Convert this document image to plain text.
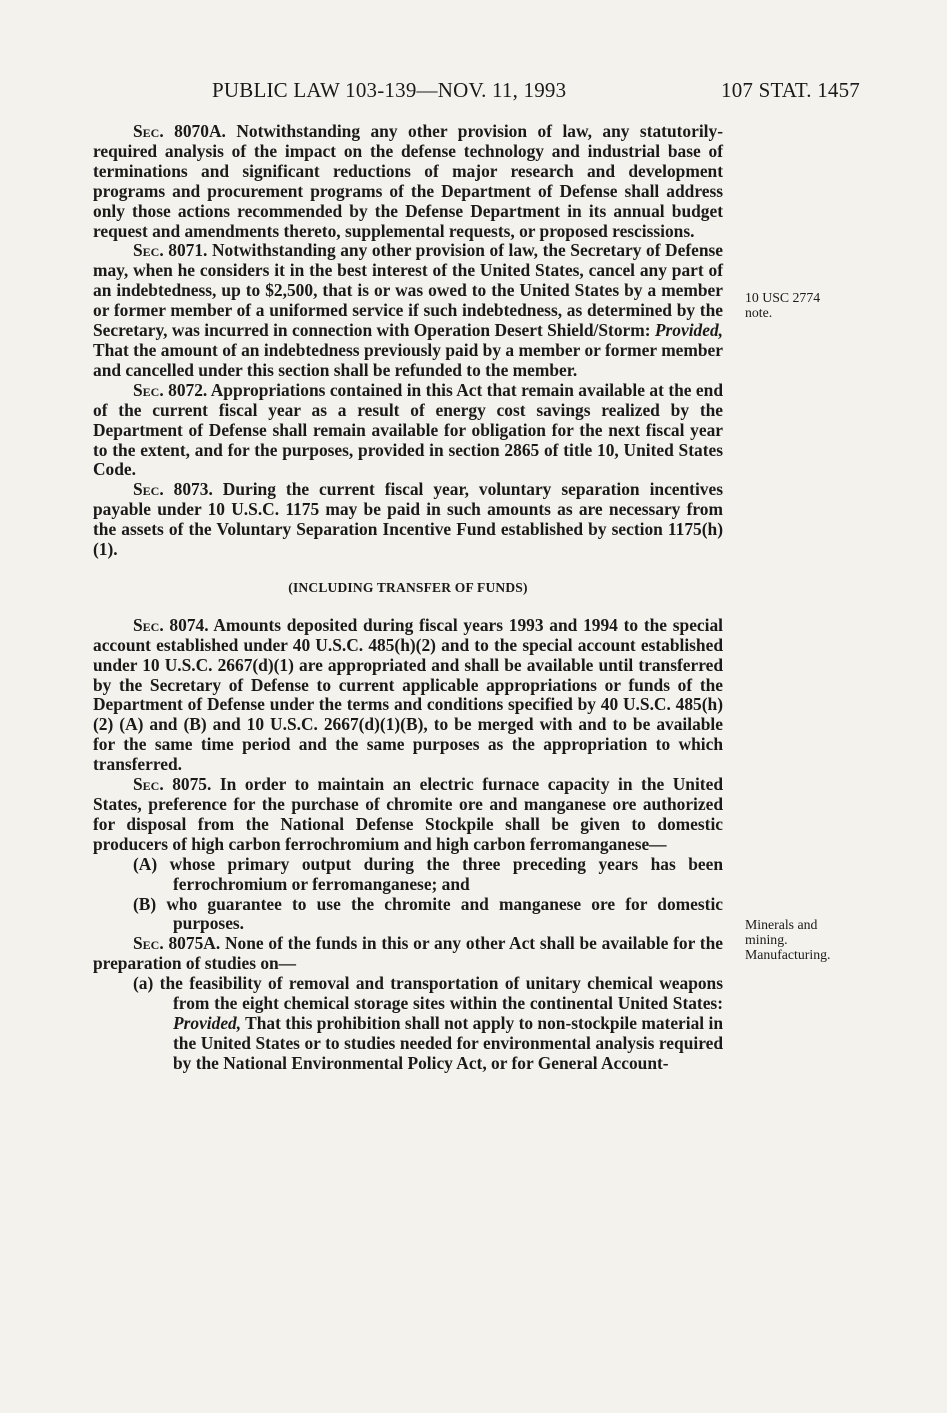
PUBLIC LAW 103-139—NOV. 11, 1993	107 STAT. 1457

Sec. 8070A. Notwithstanding any other provision of law, any statutorily-required analysis of the impact on the defense technology and industrial base of terminations and significant reductions of major research and development programs and procurement programs of the Department of Defense shall address only those actions recommended by the Defense Department in its annual budget request and amendments thereto, supplemental requests, or proposed rescissions.

Sec. 8071. Notwithstanding any other provision of law, the Secretary of Defense may, when he considers it in the best interest of the United States, cancel any part of an indebtedness, up to $2,500, that is or was owed to the United States by a member or former member of a uniformed service if such indebtedness, as determined by the Secretary, was incurred in connection with Operation Desert Shield/Storm: Provided, That the amount of an indebtedness previously paid by a member or former member and cancelled under this section shall be refunded to the member.

Sec. 8072. Appropriations contained in this Act that remain available at the end of the current fiscal year as a result of energy cost savings realized by the Department of Defense shall remain available for obligation for the next fiscal year to the extent, and for the purposes, provided in section 2865 of title 10, United States Code.

Sec. 8073. During the current fiscal year, voluntary separation incentives payable under 10 U.S.C. 1175 may be paid in such amounts as are necessary from the assets of the Voluntary Separation Incentive Fund established by section 1175(h)(1).

(INCLUDING TRANSFER OF FUNDS)

Sec. 8074. Amounts deposited during fiscal years 1993 and 1994 to the special account established under 40 U.S.C. 485(h)(2) and to the special account established under 10 U.S.C. 2667(d)(1) are appropriated and shall be available until transferred by the Secretary of Defense to current applicable appropriations or funds of the Department of Defense under the terms and conditions specified by 40 U.S.C. 485(h)(2) (A) and (B) and 10 U.S.C. 2667(d)(1)(B), to be merged with and to be available for the same time period and the same purposes as the appropriation to which transferred.

Sec. 8075. In order to maintain an electric furnace capacity in the United States, preference for the purchase of chromite ore and manganese ore authorized for disposal from the National Defense Stockpile shall be given to domestic producers of high carbon ferrochromium and high carbon ferromanganese—

(A) whose primary output during the three preceding years has been ferrochromium or ferromanganese; and

(B) who guarantee to use the chromite and manganese ore for domestic purposes.

Sec. 8075A. None of the funds in this or any other Act shall be available for the preparation of studies on—

(a) the feasibility of removal and transportation of unitary chemical weapons from the eight chemical storage sites within the continental United States: Provided, That this prohibition shall not apply to non-stockpile material in the United States or to studies needed for environmental analysis required by the National Environmental Policy Act, or for General Account-

10 USC 2774
note.
Minerals and
mining.
Manufacturing.
